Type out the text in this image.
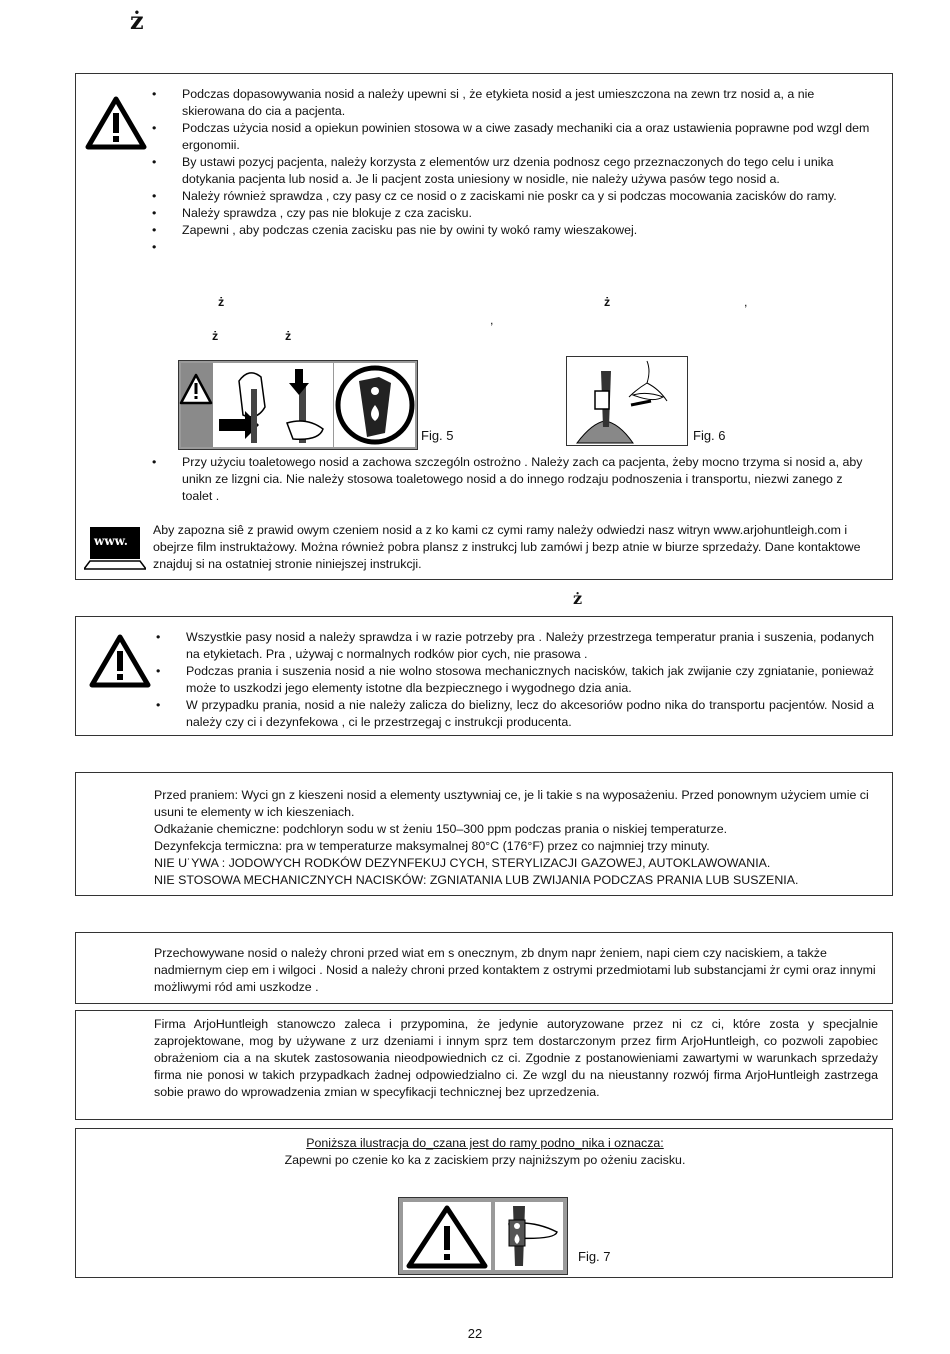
ż
• Podczas dopasowywania nosid a należy upewni si , że etykieta nosid a jest umieszczona na zewn trz nosid a, a nie skierowana do cia a pacjenta.
• Podczas użycia nosid a opiekun powinien stosowa w a ciwe zasady mechaniki cia a oraz ustawienia poprawne pod wzgl dem ergonomii.
• By ustawi pozycj pacjenta, należy korzysta z elementów urz dzenia podnosz cego przeznaczonych do tego celu i unika dotykania pacjenta lub nosid a. Je li pacjent zosta uniesiony w nosidle, nie należy używa pasów tego nosid a.
• Należy również sprawdza , czy pasy cz ce nosid o z zaciskami nie poskr ca y si podczas mocowania zacisków do ramy.
• Należy sprawdza , czy pas nie blokuje z cza zacisku.
• Zapewni , aby podczas czenia zacisku pas nie by owini ty wokó ramy wieszakowej.
•
ż	ż	,
,
ż	ż
Fig. 5	Fig. 6
• Przy użyciu toaletowego nosid a zachowa szczególn ostrożno . Należy zach ca pacjenta, żeby mocno trzyma si nosid a, aby unikn ze lizgni cia. Nie należy stosowa toaletowego nosid a do innego rodzaju podnoszenia i transportu, niezwi zanego z toalet .
www.
Aby zapozna siê z prawid owym czeniem nosid a z ko kami cz cymi ramy należy odwiedzi nasz witryn www.arjohuntleigh.com i obejrze film instruktażowy. Można również pobra plansz z instrukcj lub zamówi j bezp atnie w biurze sprzedaży. Dane kontaktowe znajduj si na ostatniej stronie niniejszej instrukcji.
ż
• Wszystkie pasy nosid a należy sprawdza i w razie potrzeby pra . Należy przestrzega temperatur prania i suszenia, podanych na etykietach. Pra , używaj c normalnych rodków pior cych, nie prasowa .
• Podczas prania i suszenia nosid a nie wolno stosowa mechanicznych nacisków, takich jak zwijanie czy zgniatanie, ponieważ może to uszkodzi jego elementy istotne dla bezpiecznego i wygodnego dzia ania.
• W przypadku prania, nosid a nie należy zalicza do bielizny, lecz do akcesoriów podno nika do transportu pacjentów. Nosid a należy czy ci i dezynfekowa , ci le przestrzegaj c instrukcji producenta.

Przed praniem: Wyci gn z kieszeni nosid a elementy usztywniaj ce, je li takie s na wyposażeniu. Przed ponownym użyciem umie ci usuni te elementy w ich kieszeniach.

Odkażanie chemiczne: podchloryn sodu w st żeniu 150–300 ppm podczas prania o niskiej temperaturze.

Dezynfekcja termiczna: pra w temperaturze maksymalnej 80°C (176°F) przez co najmniej trzy minuty.

NIE U˙YWA : JODOWYCH RODKÓW DEZYNFEKUJ CYCH, STERYLIZACJI GAZOWEJ, AUTOKLAWOWANIA.

NIE STOSOWA MECHANICZNYCH NACISKÓW: ZGNIATANIA LUB ZWIJANIA PODCZAS PRANIA LUB SUSZENIA.

Przechowywane nosid o należy chroni przed wiat em s onecznym, zb dnym napr żeniem, napi ciem czy naciskiem, a także nadmiernym ciep em i wilgoci . Nosid a należy chroni przed kontaktem z ostrymi przedmiotami lub substancjami żr cymi oraz innymi możliwymi ród ami uszkodze .
Firma ArjoHuntleigh stanowczo zaleca i przypomina, że jedynie autoryzowane przez ni cz ci, które zosta y specjalnie zaprojektowane, mog by używane z urz dzeniami i innym sprz tem dostarczonym przez firm ArjoHuntleigh, co pozwoli zapobiec obrażeniom cia a na skutek zastosowania nieodpowiednich cz ci. Zgodnie z postanowieniami zawartymi w warunkach sprzedaży firma nie ponosi w takich przypadkach żadnej odpowiedzialno ci. Ze wzgl du na nieustanny rozwój firma ArjoHuntleigh zastrzega sobie prawo do wprowadzenia zmian w specyfikacji technicznej bez uprzedzenia.
Poniższa ilustracja do_czana jest do ramy podno_nika i oznacza:
Zapewni po czenie ko ka z zaciskiem przy najniższym po ożeniu zacisku.
Fig. 7
22
